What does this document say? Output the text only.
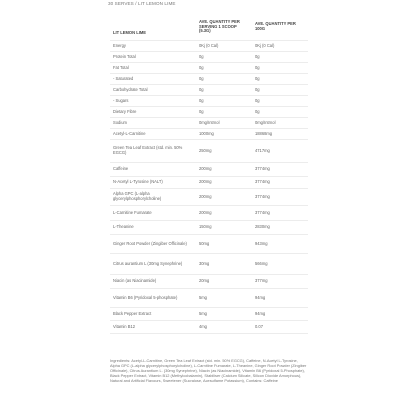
30 SERVES / LIT LEMON LIME
LIT LEMON LIME	AVE. QUANTITY PER SERVING 1 SCOOP (5.3G)	AVE. QUANTITY PER 100G
Energy	0Kj (0 Cal)	0Kj (0 Cal)
Protein Total	0g	0g
Fat Total	0g	0g
- Saturated	0g	0g
Carbohydrate Total	0g	0g
- Sugars	0g	0g
Dietary Fibre	0g	0g
Sodium	0mg/Intrnol	0mg/Intrnol
Acetyl-L-Carnitine	1000mg	18868mg
Green Tea Leaf Extract (std. min. 50% EGCG)	250mg	4717mg
Caffeine	200mg	3774mg
N-Acetyl L-Tyrosine (NALT)	200mg	3774mg
Alpha GPC (L-alpha glycerylphosphorylcholine)	200mg	3774mg
L-Carnitine Fumarate	200mg	3774mg
L-Theanine	150mg	2830mg
Ginger Root Powder (Zingiber Officinale)	50mg	943mg
Citrus aurantium L (30mg Synephrine)	30mg	566mg
Niacin (as Niacinamide)	20mg	377mg
Vitamin B6 (Pyridoxal 5-phosphate)	5mg	94mg
Black Pepper Extract	5mg	94mg
Vitamin B12	4mg	0.07

Ingredients: Acetyl-L-Carnitine, Green Tea Leaf Extract (std. min. 50% EGCG), Caffeine, N-Acetyl L-Tyrosine, Alpha GPC (L-alpha glycerylphosphorylcholine), L-Carnitine Fumarate, L-Theanine, Ginger Root Powder (Zingiber Officinale), Citrus Aurantium L. (30mg Synephrine), Niacin (as Niacinamide), Vitamin B6 (Pyridoxal 5-Phosphate), Black Pepper Extract, Vitamin B12 (Methylcobalamin), Stabiliser (Calcium Silicate, Silicon Dioxide Amorphous), Natural and Artificial Flavours, Sweetener (Sucralose, Acesulfame Potassium), Contains: Caffeine
